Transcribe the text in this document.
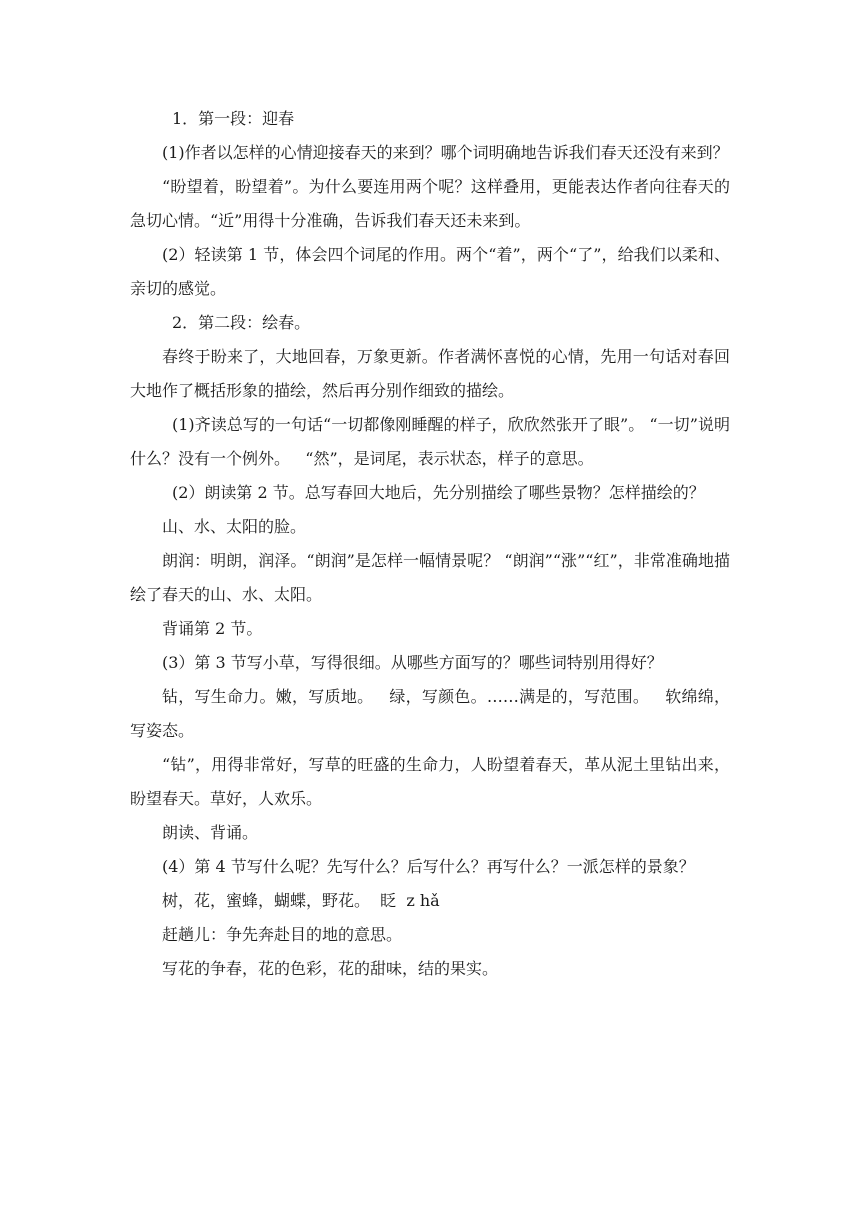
1．第一段：迎春

(1)作者以怎样的心情迎接春天的来到？哪个词明确地告诉我们春天还没有来到？

“盼望着，盼望着”。为什么要连用两个呢？这样叠用，更能表达作者向往春天的急切心情。“近”用得十分准确，告诉我们春天还未来到。

(2）轻读第 1 节，体会四个词尾的作用。两个“着”，两个“了”，给我们以柔和、亲切的感觉。

2．第二段：绘春。

春终于盼来了，大地回春，万象更新。作者满怀喜悦的心情，先用一句话对春回大地作了概括形象的描绘，然后再分别作细致的描绘。

(1)齐读总写的一句话“一切都像刚睡醒的样子，欣欣然张开了眼”。 “一切”说明什么？没有一个例外。   “然”，是词尾，表示状态，样子的意思。

(2）朗读第 2 节。总写春回大地后，先分别描绘了哪些景物？怎样描绘的？

山、水、太阳的脸。

朗润：明朗，润泽。“朗润”是怎样一幅情景呢？ “朗润”“涨”“红”，非常准确地描绘了春天的山、水、太阳。

背诵第 2 节。

(3）第 3 节写小草，写得很细。从哪些方面写的？哪些词特别用得好？

钻，写生命力。嫩，写质地。   绿，写颜色。……满是的，写范围。   软绵绵，写姿态。

“钻”，用得非常好，写草的旺盛的生命力，人盼望着春天，革从泥土里钻出来，盼望春天。草好，人欢乐。

朗读、背诵。

(4）第 4 节写什么呢？先写什么？后写什么？再写什么？一派怎样的景象？

树，花，蜜蜂，蝴蝶，野花。  眨  z hǎ

赶趟儿：争先奔赴目的地的意思。

写花的争春，花的色彩，花的甜味，结的果实。
